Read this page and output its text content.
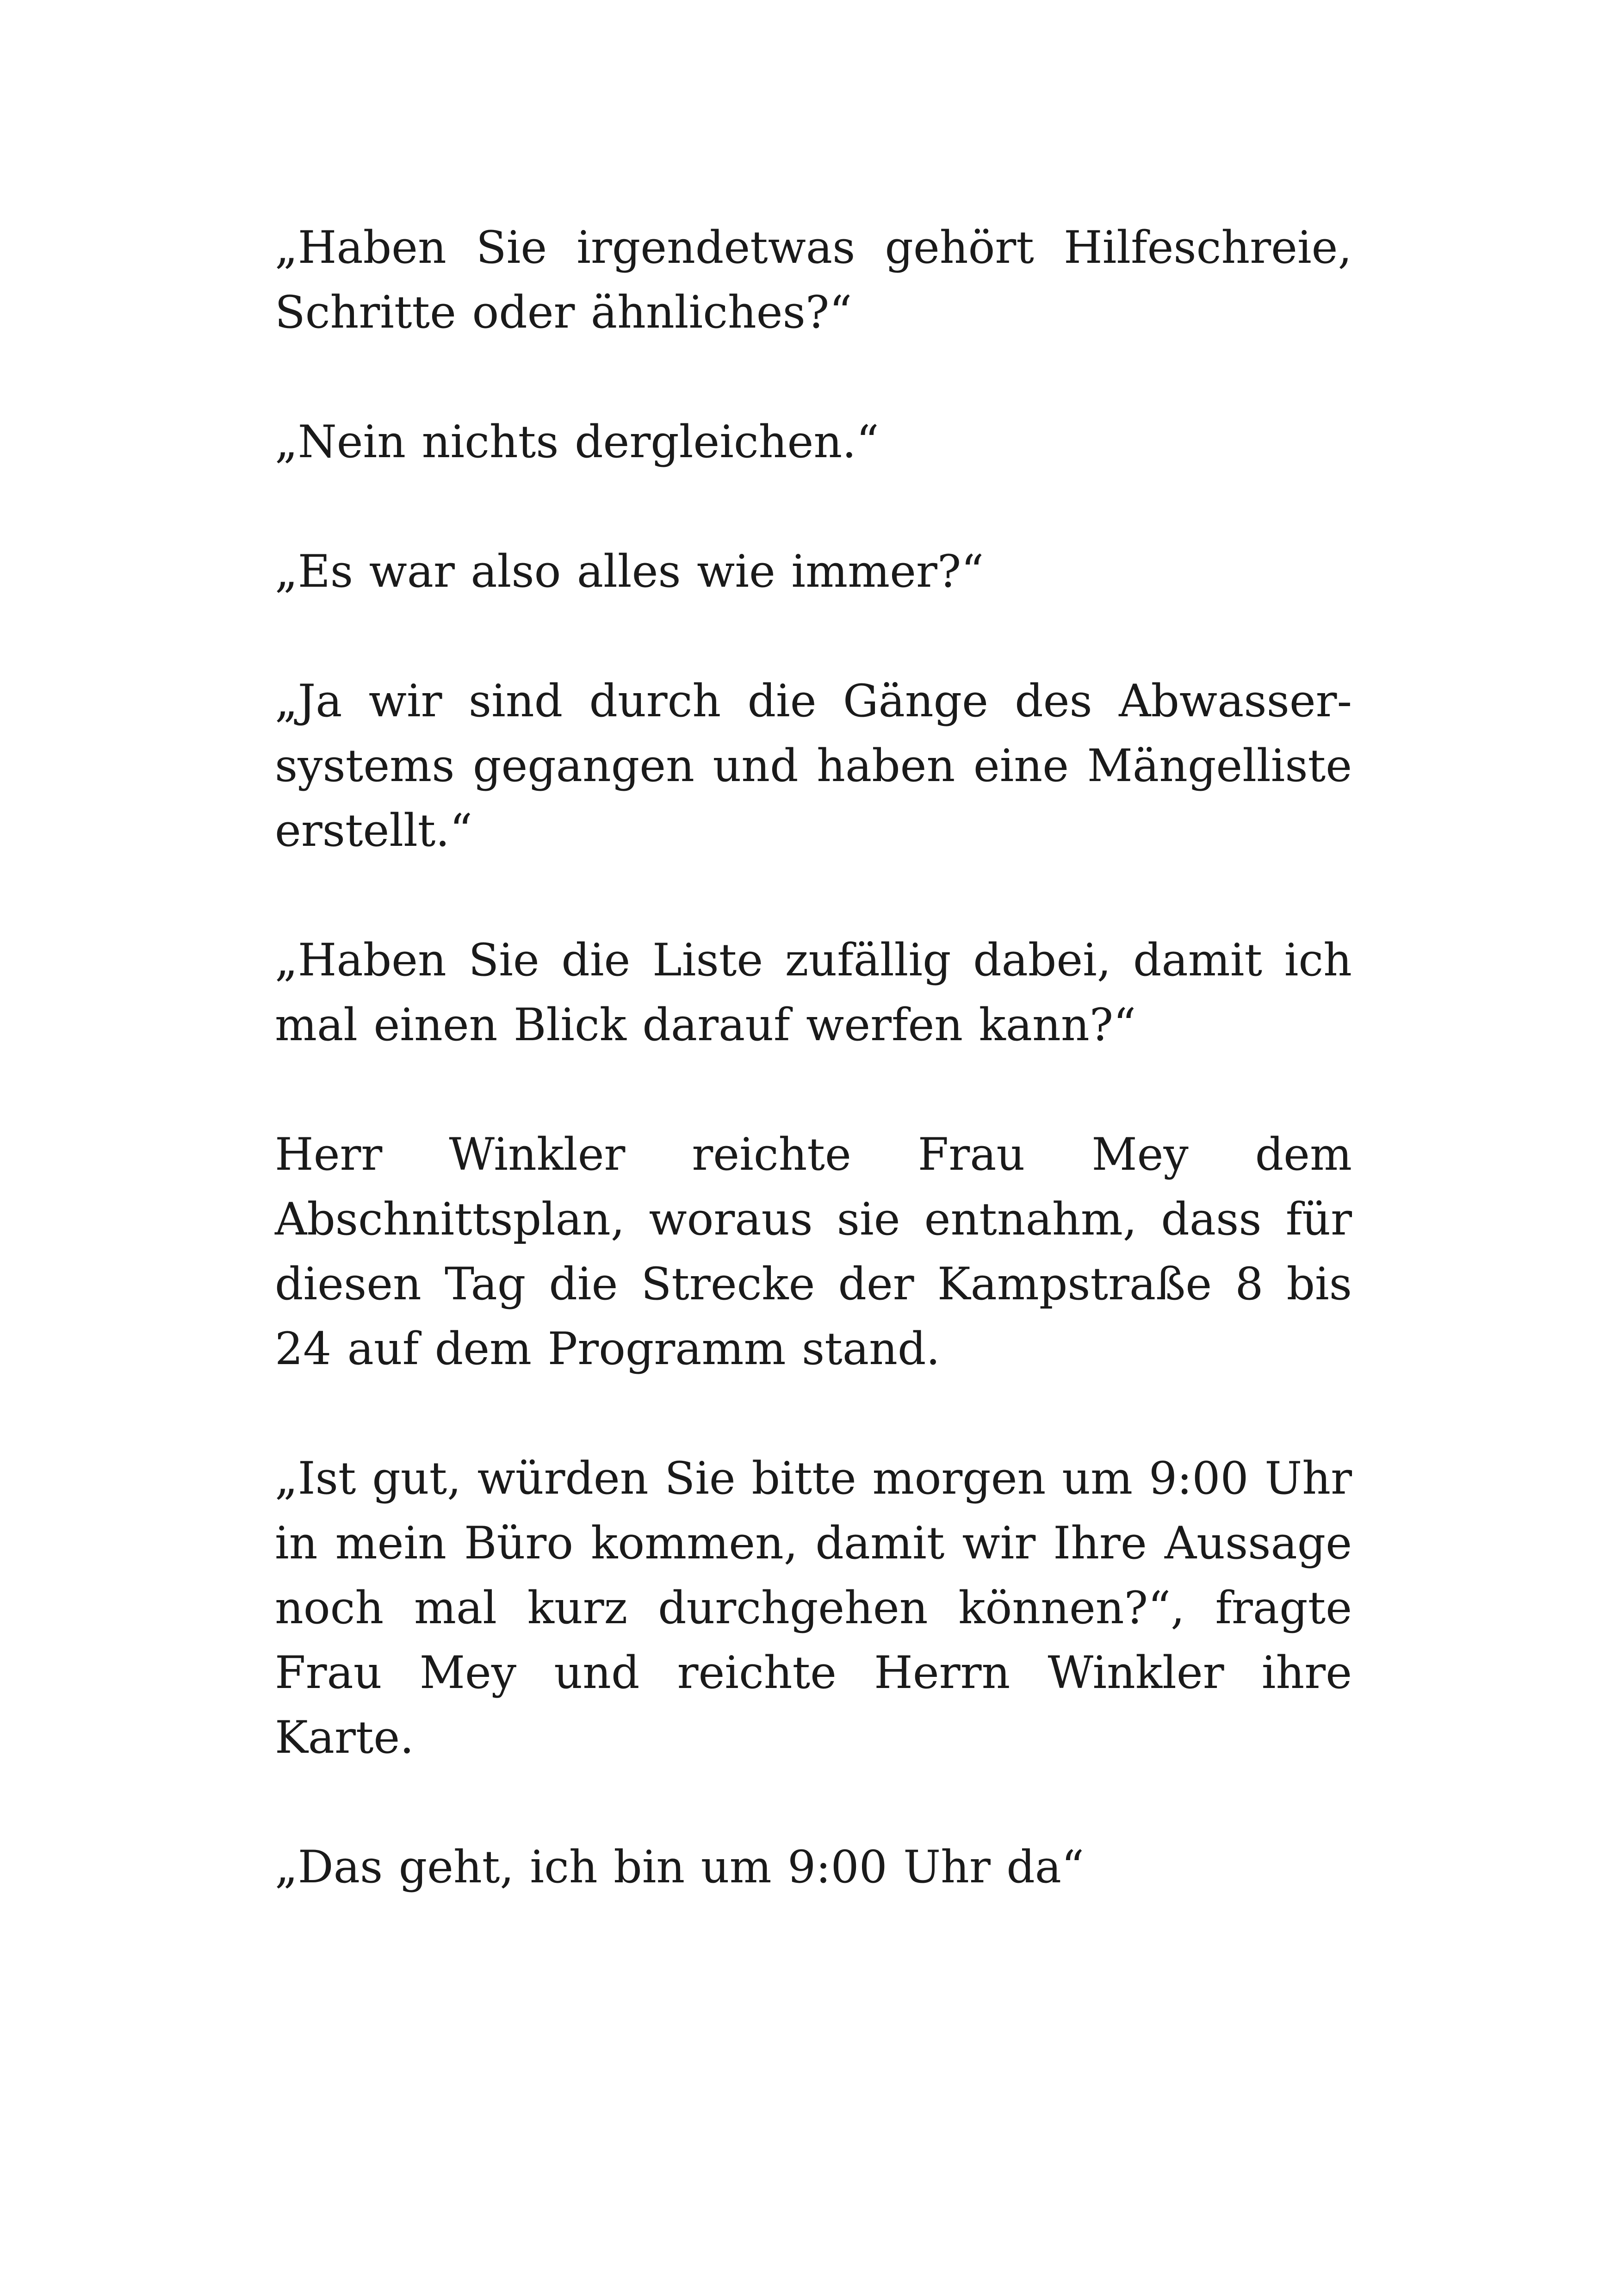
„Haben Sie irgendetwas gehört Hilfeschreie, Schritte oder ähnliches?“

„Nein nichts dergleichen.“

„Es war also alles wie immer?“

„Ja wir sind durch die Gänge des Abwassersystems gegangen und haben eine Mängelliste erstellt.“

„Haben Sie die Liste zufällig dabei, damit ich mal einen Blick darauf werfen kann?“

Herr Winkler reichte Frau Mey dem Abschnittsplan, woraus sie entnahm, dass für diesen Tag die Strecke der Kampstraße 8 bis 24 auf dem Programm stand.

„Ist gut, würden Sie bitte morgen um 9:00 Uhr in mein Büro kommen, damit wir Ihre Aussage noch mal kurz durchgehen können?“, fragte Frau Mey und reichte Herrn Winkler ihre Karte.

„Das geht, ich bin um 9:00 Uhr da“
